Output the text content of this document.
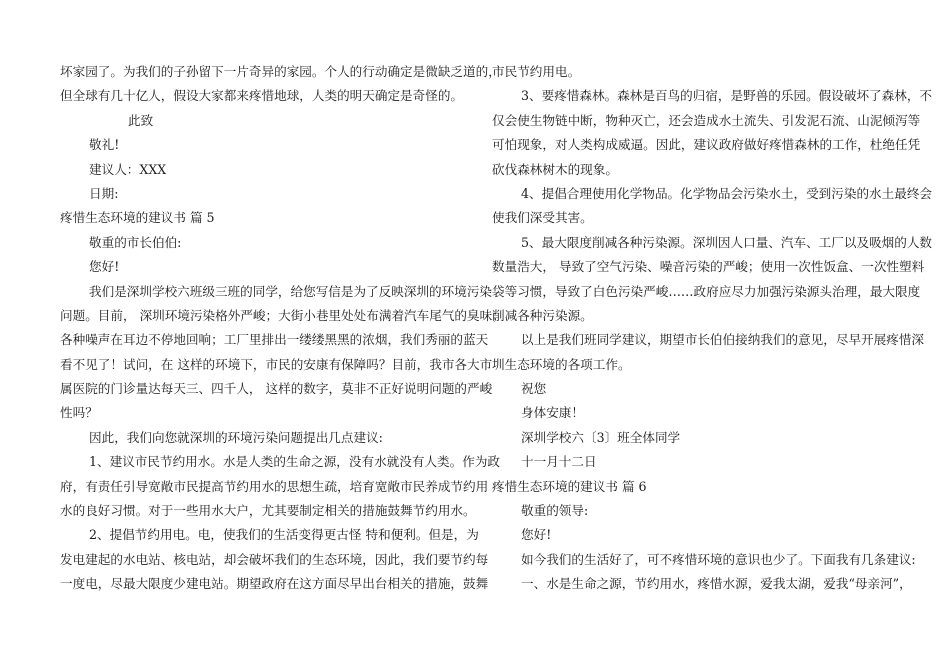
坏家园了。为我们的子孙留下一片奇异的家园。个人的行动确定是微缺乏道的，
但全球有几十亿人，假设大家都来疼惜地球，人类的明天确定是奇怪的。
此致
敬礼!
建议人：XXX
日期:
疼惜生态环境的建议书 篇 5
敬重的市长伯伯:
您好!
我们是深圳学校六班级三班的同学，给您写信是为了反映深圳的环境污染
问题。目前， 深圳环境污染格外严峻；大街小巷里处处布满着汽车尾气的臭味；
各种噪声在耳边不停地回响；工厂里排出一缕缕黑黑的浓烟，我们秀丽的蓝天
看不见了！试问，在 这样的环境下，市民的安康有保障吗？目前，我市各大市
属医院的门诊量达每天三、四千人， 这样的数字，莫非不正好说明问题的严峻
性吗？
因此，我们向您就深圳的环境污染问题提出几点建议:
1、建议市民节约用水。水是人类的生命之源，没有水就没有人类。作为政
府，有责任引导宽敞市民提高节约用水的思想生疏，培育宽敞市民养成节约用
水的良好习惯。对于一些用水大户，尤其要制定相关的措施鼓舞节约用水。
2、提倡节约用电。电，使我们的生活变得更古怪 特和便利。但是，为
发电建起的水电站、核电站，却会破坏我们的生态环境，因此，我们要节约每
一度电，尽最大限度少建电站。期望政府在这方面尽早出台相关的措施，鼓舞
市民节约用电。
3、要疼惜森林。森林是百鸟的归宿，是野兽的乐园。假设破坏了森林，不
仅会使生物链中断，物种灭亡，还会造成水土流失、引发泥石流、山泥倾泻等
可怕现象，对人类构成威逼。因此，建议政府做好疼惜森林的工作，杜绝任凭
砍伐森林树木的现象。
4、提倡合理使用化学物品。化学物品会污染水土，受到污染的水土最终会
使我们深受其害。
5、最大限度削减各种污染源。深圳因人口量、汽车、工厂以及吸烟的人数
数量浩大， 导致了空气污染、噪音污染的严峻；使用一次性饭盒、一次性塑料
袋等习惯，导致了白色污染严峻……政府应尽力加强污染源头治理，最大限度
削减各种污染源。
以上是我们班同学建议，期望市长伯伯接纳我们的意见，尽早开展疼惜深
圳生态环境的各项工作。
祝您
身体安康！
深圳学校六〔3〕班全体同学
十一月十二日
疼惜生态环境的建议书 篇 6
敬重的领导:
您好!
如今我们的生活好了，可不疼惜环境的意识也少了。下面我有几条建议:
一、水是生命之源，节约用水，疼惜水源，爱我太湖，爱我“母亲河”，
